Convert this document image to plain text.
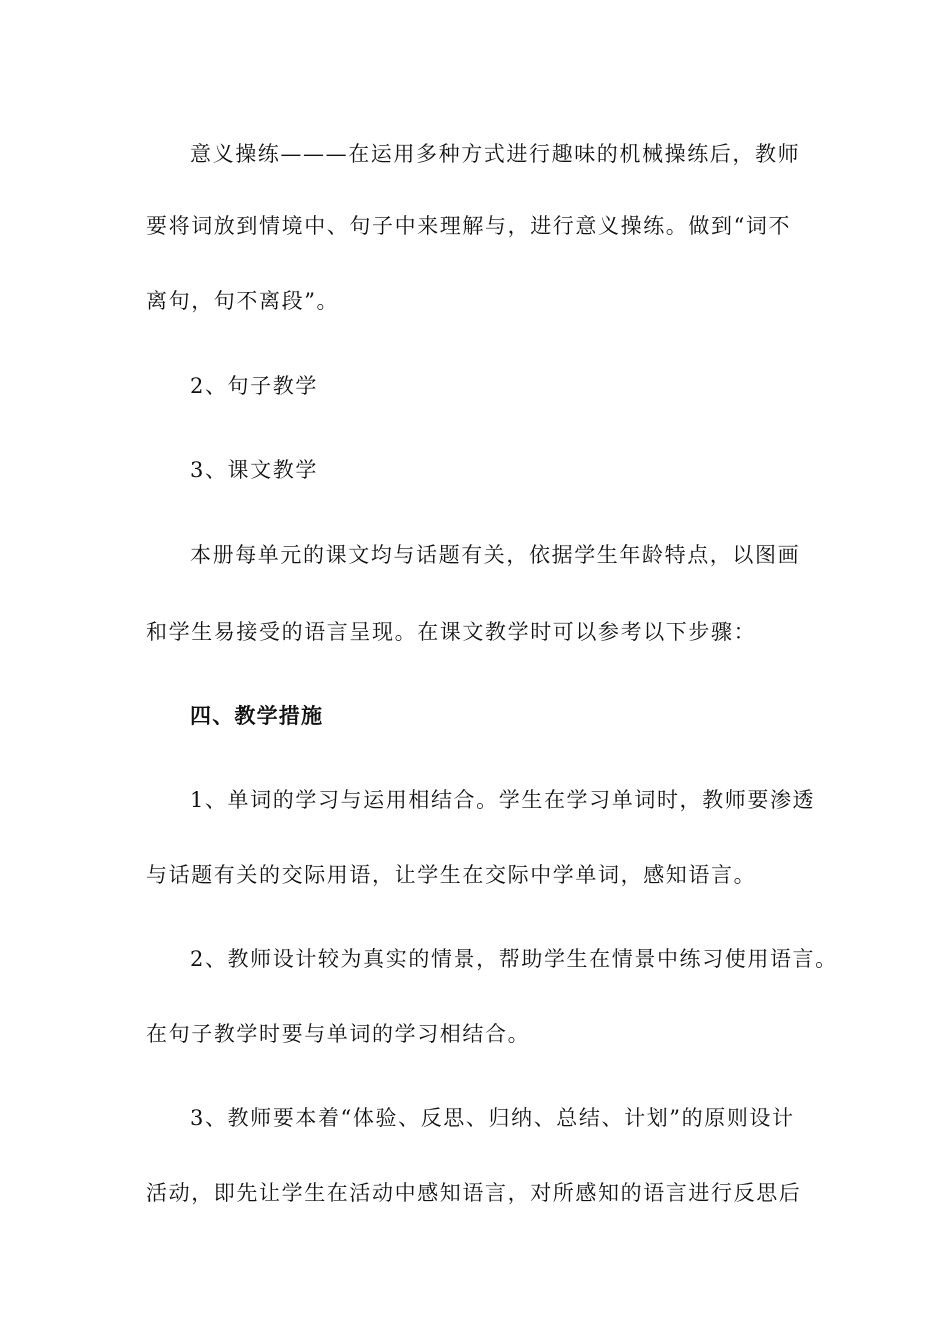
意义操练———在运用多种方式进行趣味的机械操练后，教师
要将词放到情境中、句子中来理解与，进行意义操练。做到“词不
离句，句不离段”。
2、句子教学
3、课文教学
本册每单元的课文均与话题有关，依据学生年龄特点，以图画
和学生易接受的语言呈现。在课文教学时可以参考以下步骤：
四、教学措施
1、单词的学习与运用相结合。学生在学习单词时，教师要渗透
与话题有关的交际用语，让学生在交际中学单词，感知语言。
2、教师设计较为真实的情景，帮助学生在情景中练习使用语言。
在句子教学时要与单词的学习相结合。
3、教师要本着“体验、反思、归纳、总结、计划”的原则设计
活动，即先让学生在活动中感知语言，对所感知的语言进行反思后
